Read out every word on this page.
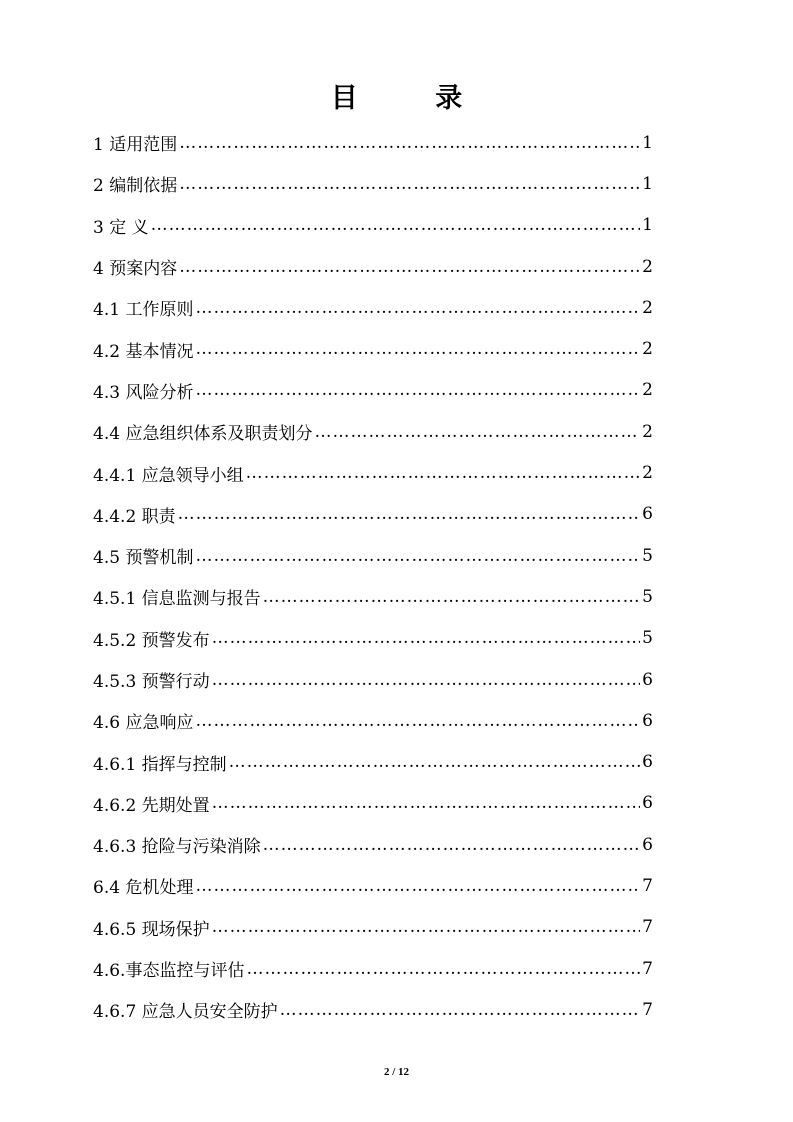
目 录
1 适用范围 ……………………………………………………………………………………………………………………………………………………………………	1
2 编制依据 ……………………………………………………………………………………………………………………………………………………………………	1
3 定 义 ……………………………………………………………………………………………………………………………………………………………………	1
4 预案内容 ……………………………………………………………………………………………………………………………………………………………………	2
4.1 工作原则 ……………………………………………………………………………………………………………………………………………………………………	2
4.2 基本情况 ……………………………………………………………………………………………………………………………………………………………………	2
4.3 风险分析 ……………………………………………………………………………………………………………………………………………………………………	2
4.4 应急组织体系及职责划分 ……………………………………………………………………………………………………………………………………………………………………	2
4.4.1 应急领导小组 ……………………………………………………………………………………………………………………………………………………………………	2
4.4.2 职责 ……………………………………………………………………………………………………………………………………………………………………	6
4.5 预警机制 ……………………………………………………………………………………………………………………………………………………………………	5
4.5.1 信息监测与报告 ……………………………………………………………………………………………………………………………………………………………………	5
4.5.2 预警发布 ……………………………………………………………………………………………………………………………………………………………………	5
4.5.3 预警行动 ……………………………………………………………………………………………………………………………………………………………………	6
4.6 应急响应 ……………………………………………………………………………………………………………………………………………………………………	6
4.6.1 指挥与控制 ……………………………………………………………………………………………………………………………………………………………………	6
4.6.2 先期处置 ……………………………………………………………………………………………………………………………………………………………………	6
4.6.3 抢险与污染消除 ……………………………………………………………………………………………………………………………………………………………………	6
6.4 危机处理 ……………………………………………………………………………………………………………………………………………………………………	7
4.6.5 现场保护 ……………………………………………………………………………………………………………………………………………………………………	7
4.6.事态监控与评估 ……………………………………………………………………………………………………………………………………………………………………	7
4.6.7 应急人员安全防护 ……………………………………………………………………………………………………………………………………………………………………	7
2 / 12
